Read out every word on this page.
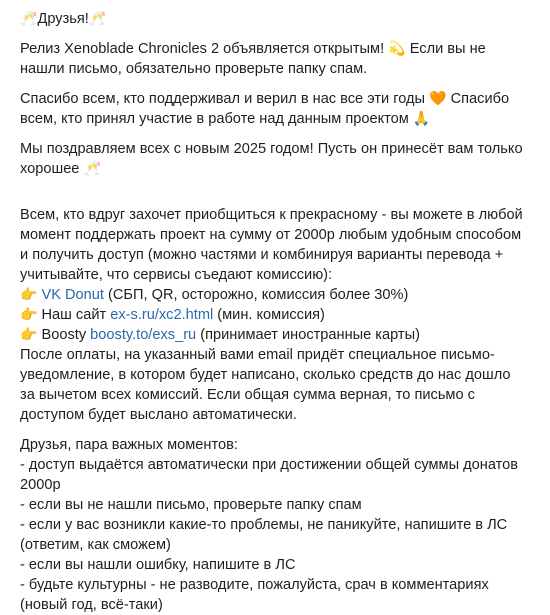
🥂Друзья!🥂

Релиз Xenoblade Chronicles 2 объявляется открытым! 💫 Если вы не нашли письмо, обязательно проверьте папку спам.

Спасибо всем, кто поддерживал и верил в нас все эти годы 🧡 Спасибо всем, кто принял участие в работе над данным проектом 🙏

Мы поздравляем всех с новым 2025 годом! Пусть он принесёт вам только хорошее 🥂

Всем, кто вдруг захочет приобщиться к прекрасному - вы можете в любой момент поддержать проект на сумму от 2000р любым удобным способом и получить доступ (можно частями и комбинируя варианты перевода + учитывайте, что сервисы съедают комиссию):
👉 VK Donut (СБП, QR, осторожно, комиссия более 30%)
👉 Наш сайт ex-s.ru/xc2.html (мин. комиссия)
👉 Boosty boosty.to/exs_ru (принимает иностранные карты)
После оплаты, на указанный вами email придёт специальное письмо-уведомление, в котором будет написано, сколько средств до нас дошло за вычетом всех комиссий. Если общая сумма верная, то письмо с доступом будет выслано автоматически.

Друзья, пара важных моментов:
- доступ выдаётся автоматически при достижении общей суммы донатов 2000р
- если вы не нашли письмо, проверьте папку спам
- если у вас возникли какие-то проблемы, не паникуйте, напишите в ЛС (ответим, как сможем)
- если вы нашли ошибку, напишите в ЛС
- будьте культурны - не разводите, пожалуйста, срач в комментариях (новый год, всё-таки)
